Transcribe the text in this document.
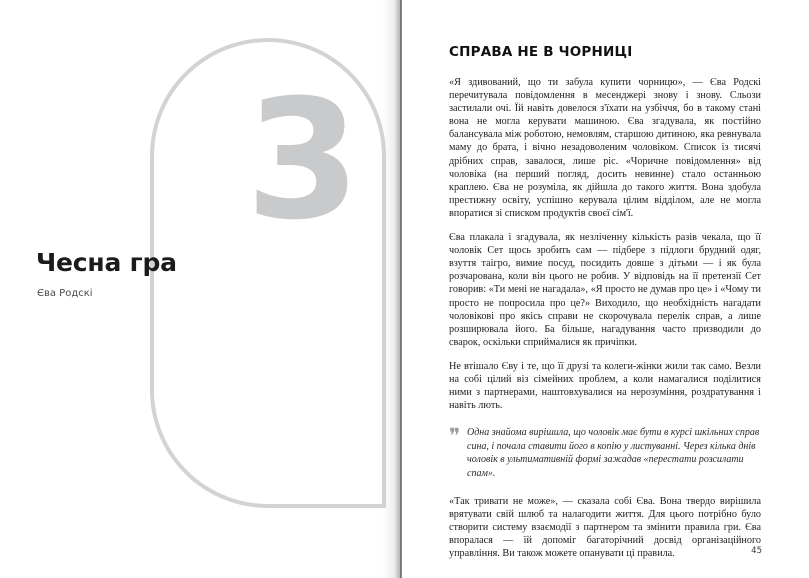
3
Чесна гра
Єва Родскі
СПРАВА НЕ В ЧОРНИЦІ

«Я здивований, що ти забула купити чорницю», — Єва Родскі перечитувала повідомлення в месенджері знову і знову. Сльози застилали очі. Їй навіть довелося з'їхати на узбіччя, бо в такому стані вона не могла керувати машиною. Єва згадувала, як постійно балансувала між роботою, немовлям, старшою дитиною, яка ревнувала маму до брата, і вічно незадоволеним чоловіком. Список із тисячі дрібних справ, завалося, лише ріс. «Чоричне повідомлення» від чоловіка (на перший погляд, досить невинне) стало останньою краплею. Єва не розуміла, як дійшла до такого життя. Вона здобула престижну освіту, успішно керувала цілим відділом, але не могла впоратися зі списком продуктів своєї сім'ї.

Єва плакала і згадувала, як незліченну кількість разів чекала, що її чоловік Сет щось зробить сам — підбере з підлоги брудний одяг, взуття таігро, вимие посуд, посидить довше з дітьми — і як була розчарована, коли він цього не робив. У відповідь на її претензії Сет говорив: «Ти мені не нагадала», «Я просто не думав про це» і «Чому ти просто не попросила про це?» Виходило, що необхідність нагадати чоловікові про якісь справи не скорочувала перелік справ, а лише розширювала його. Ба більше, нагадування часто призводили до сварок, оскільки сприймалися як причіпки.

Не втішало Єву і те, що її друзі та колеги-жінки жили так само. Везли на собі цілий віз сімейних проблем, а коли намагалися поділитися ними з партнерами, наштовхувалися на нерозуміння, роздратування і навіть лють.

❞ Одна знайома вирішила, що чоловік має бути в курсі шкільних справ сина, і почала ставити його в копію у листуванні. Через кілька днів чоловік в ультимативній формі зажадав «перестати розсилати спам».

«Так тривати не може», — сказала собі Єва. Вона твердо вирішила врятувати свій шлюб та налагодити життя. Для цього потрібно було створити систему взаємодії з партнером та змінити правила гри. Єва впоралася — їй допоміг багаторічний досвід організаційного управління. Ви також можете опанувати ці правила.	45
